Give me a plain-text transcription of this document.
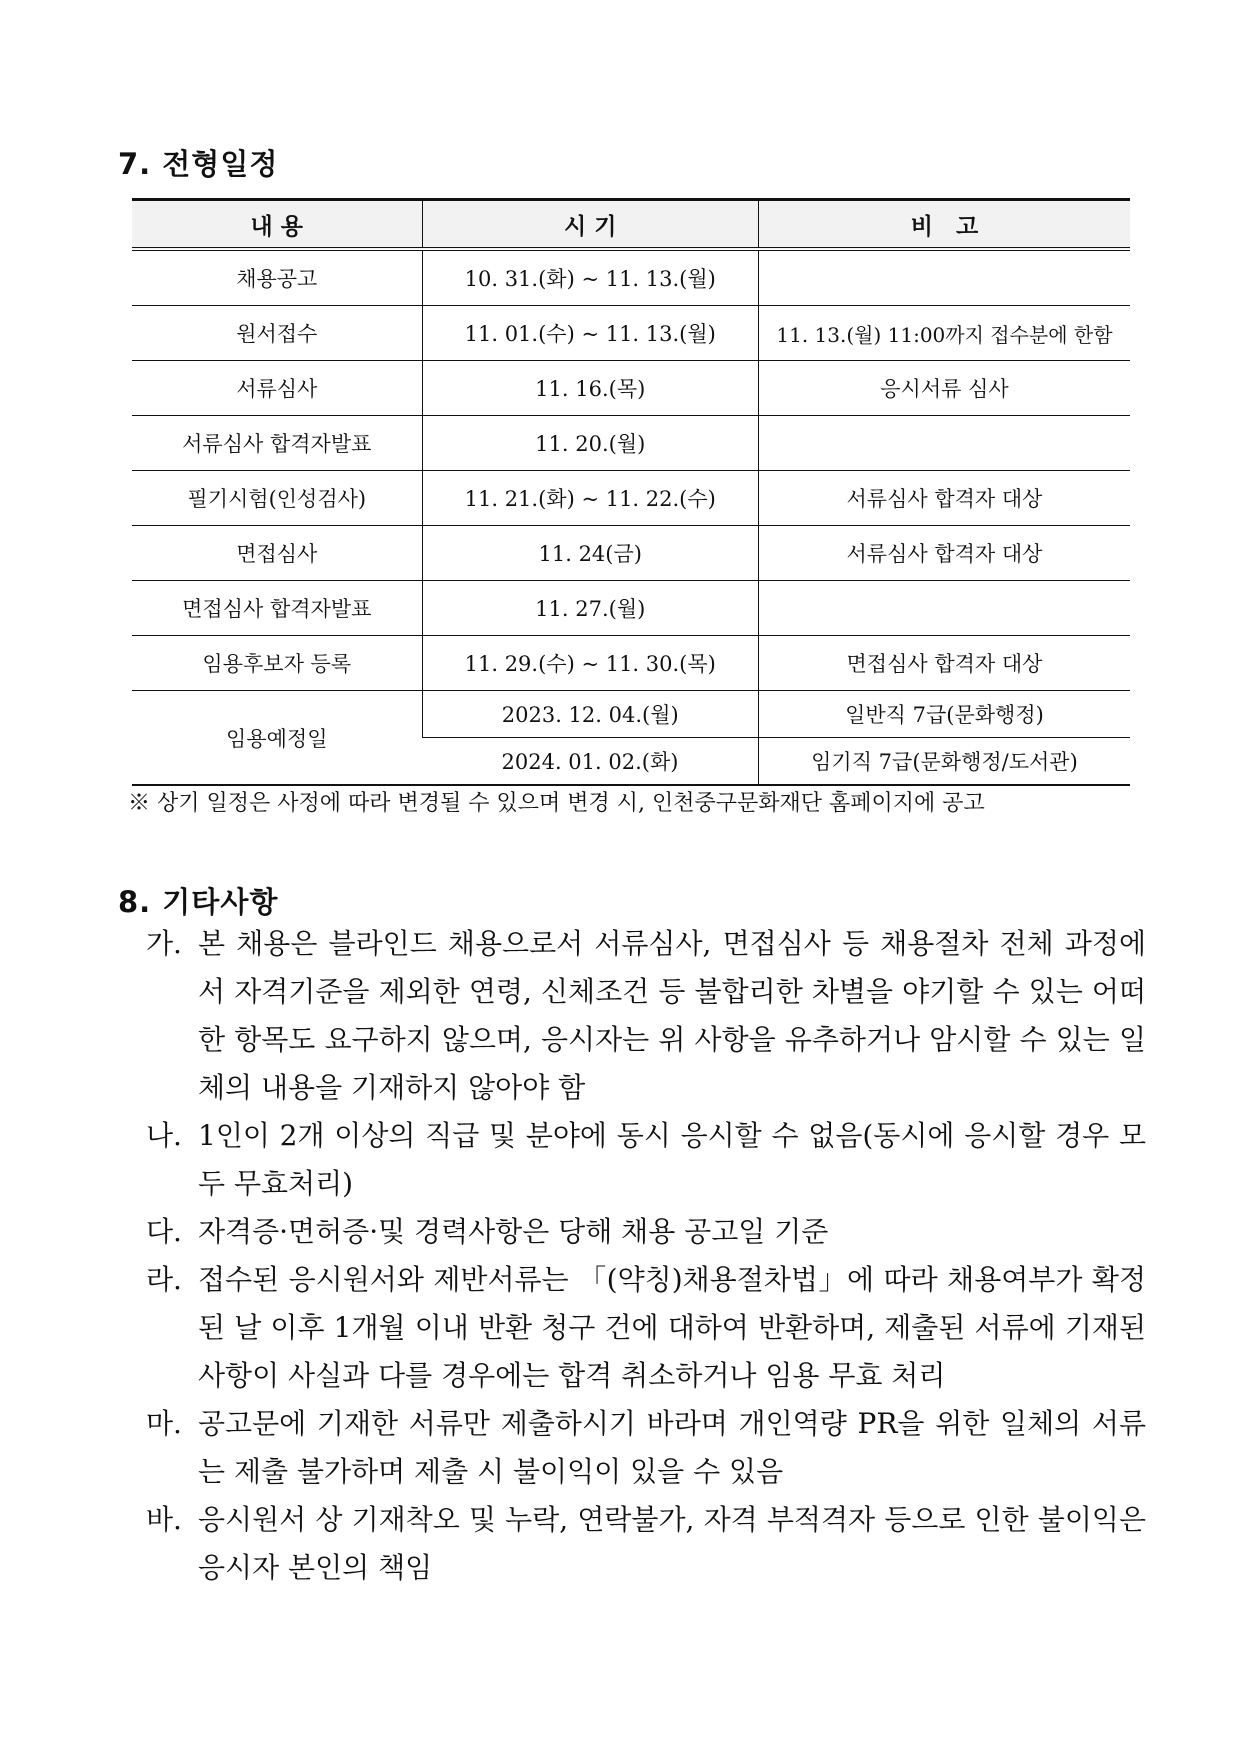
7. 전형일정
내 용	시 기	비　고
채용공고	10. 31.(화) ~ 11. 13.(월)	
원서접수	11. 01.(수) ~ 11. 13.(월)	11. 13.(월) 11:00까지 접수분에 한함
서류심사	11. 16.(목)	응시서류 심사
서류심사 합격자발표	11. 20.(월)	
필기시험(인성검사)	11. 21.(화) ~ 11. 22.(수)	서류심사 합격자 대상
면접심사	11. 24(금)	서류심사 합격자 대상
면접심사 합격자발표	11. 27.(월)	
임용후보자 등록	11. 29.(수) ~ 11. 30.(목)	면접심사 합격자 대상
임용예정일	2023. 12. 04.(월)	일반직 7급(문화행정)
	2024. 01. 02.(화)	임기직 7급(문화행정/도서관)
※ 상기 일정은 사정에 따라 변경될 수 있으며 변경 시, 인천중구문화재단 홈페이지에 공고
8. 기타사항
가. 본 채용은 블라인드 채용으로서 서류심사, 면접심사 등 채용절차 전체 과정에서 자격기준을 제외한 연령, 신체조건 등 불합리한 차별을 야기할 수 있는 어떠한 항목도 요구하지 않으며, 응시자는 위 사항을 유추하거나 암시할 수 있는 일체의 내용을 기재하지 않아야 함
나. 1인이 2개 이상의 직급 및 분야에 동시 응시할 수 없음(동시에 응시할 경우 모두 무효처리)
다. 자격증·면허증·및 경력사항은 당해 채용 공고일 기준
라. 접수된 응시원서와 제반서류는 「(약칭)채용절차법」에 따라 채용여부가 확정된 날 이후 1개월 이내 반환 청구 건에 대하여 반환하며, 제출된 서류에 기재된 사항이 사실과 다를 경우에는 합격 취소하거나 임용 무효 처리
마. 공고문에 기재한 서류만 제출하시기 바라며 개인역량 PR을 위한 일체의 서류는 제출 불가하며 제출 시 불이익이 있을 수 있음
바. 응시원서 상 기재착오 및 누락, 연락불가, 자격 부적격자 등으로 인한 불이익은 응시자 본인의 책임
